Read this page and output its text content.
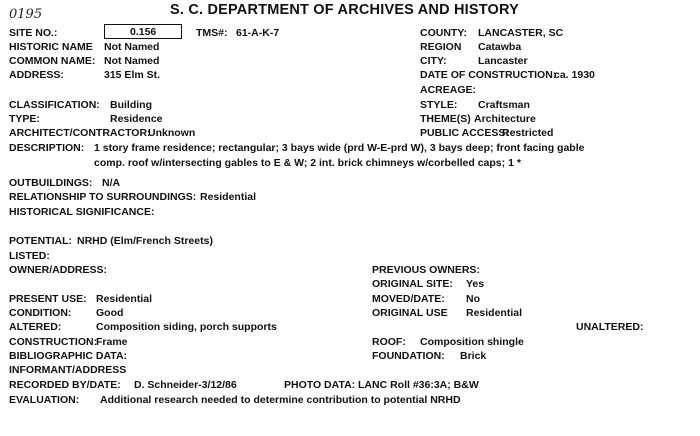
0195	S. C. DEPARTMENT OF ARCHIVES AND HISTORY
SITE NO.:	0.156	TMS#: 61-A-K-7	COUNTY: LANCASTER, SC
HISTORIC NAME Not Named	REGION Catawba
COMMON NAME: Not Named	CITY:	Lancaster
ADDRESS:	315 Elm St.	DATE OF CONSTRUCTION:
ca. 1930
ACREAGE:
CLASSIFICATION: Building	STYLE: Craftsman
TYPE:	Residence	THEME(S) Architecture
ARCHITECT/CONTRACTOR:
Unknown	PUBLIC ACCESS:
Restricted
DESCRIPTION: 1 story frame residence; rectangular; 3 bays wide (prd W-E-prd W), 3 bays deep; front facing gable
comp. roof w/intersecting gables to E & W; 2 int. brick chimneys w/corbelled caps; 1 *
OUTBUILDINGS: N/A
RELATIONSHIP TO SURROUNDINGS: Residential
HISTORICAL SIGNIFICANCE:
POTENTIAL: NRHD (Elm/French Streets)
LISTED:
OWNER/ADDRESS:	PREVIOUS OWNERS:
ORIGINAL SITE: Yes
PRESENT USE: Residential	MOVED/DATE: No
CONDITION: Good	ORIGINAL USE Residential
ALTERED:	Composition siding, porch supports	UNALTERED:
CONSTRUCTION:
Frame	ROOF: Composition shingle
BIBLIOGRAPHIC DATA:	FOUNDATION: Brick
INFORMANT/ADDRESS
RECORDED BY/DATE: D. Schneider-3/12/86	PHOTO DATA: LANC Roll #36:3A; B&W
EVALUATION: Additional research needed to determine contribution to potential NRHD
